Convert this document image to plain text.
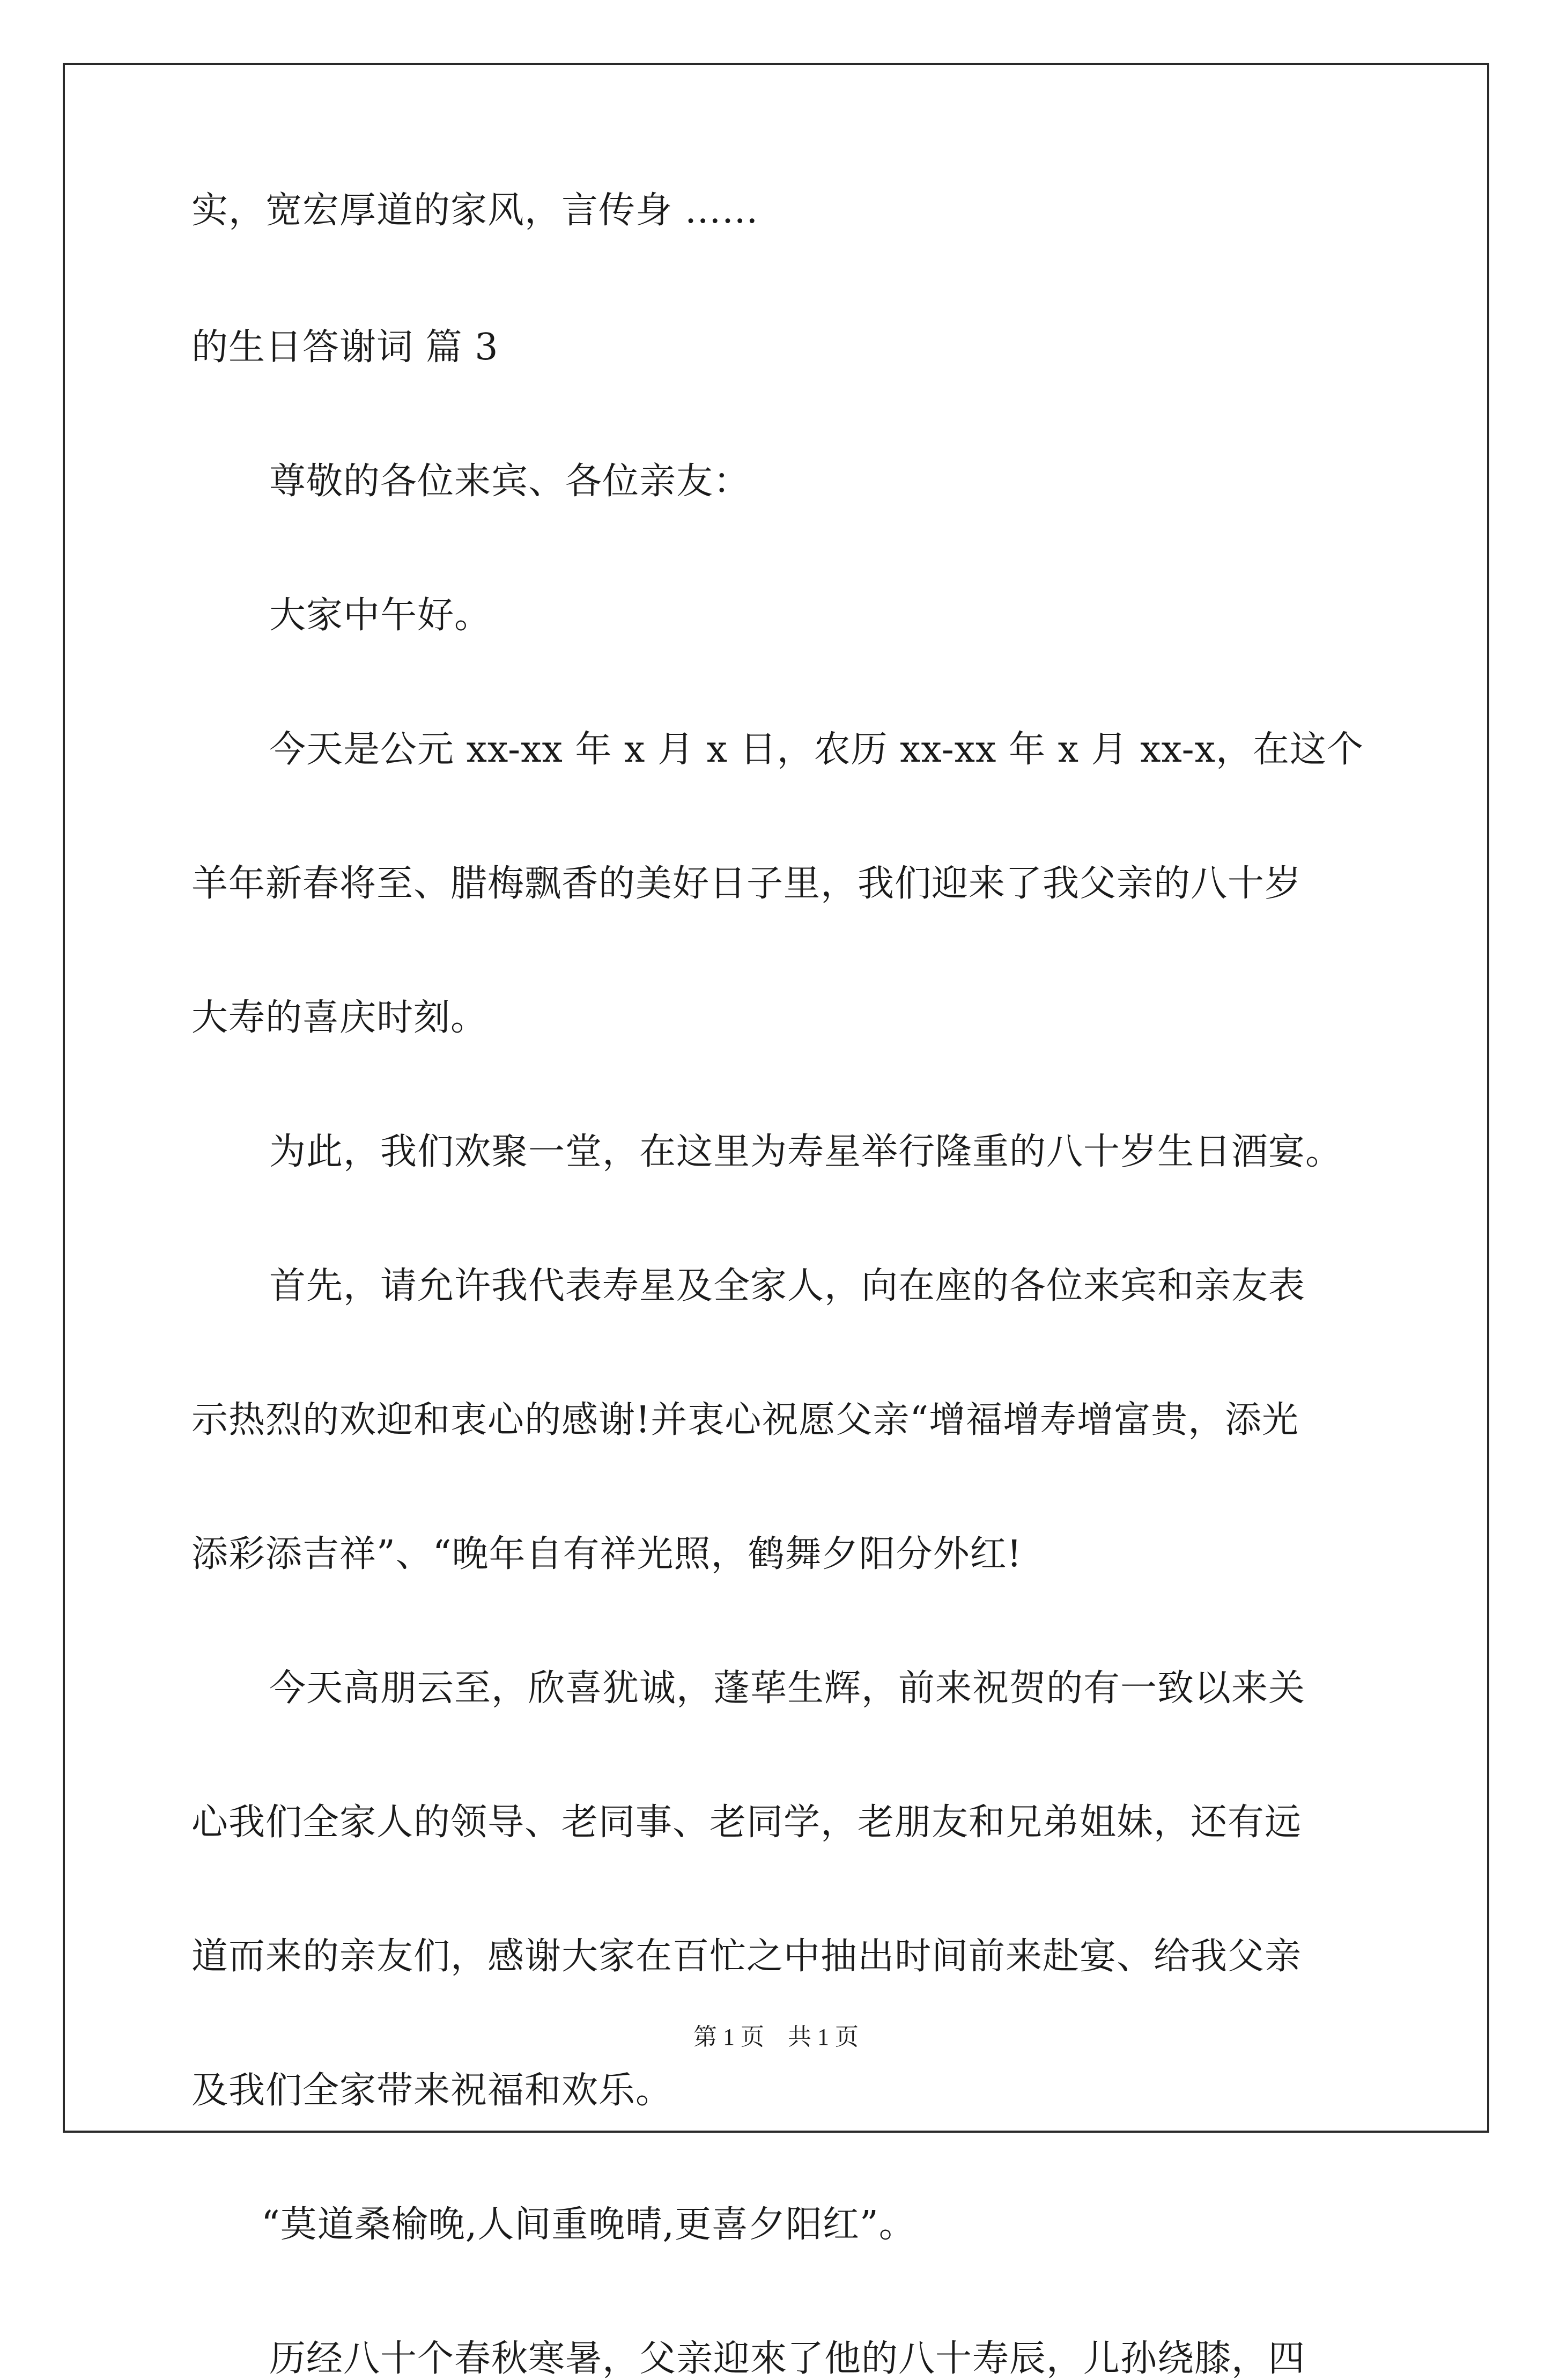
实，宽宏厚道的家风，言传身 ……
的生日答谢词 篇 3
尊敬的各位来宾、各位亲友：
大家中午好。
今天是公元 xx-xx 年 x 月 x 日，农历 xx-xx 年 x 月 xx-x，在这个
羊年新春将至、腊梅飘香的美好日子里，我们迎来了我父亲的八十岁
大寿的喜庆时刻。
为此，我们欢聚一堂，在这里为寿星举行隆重的八十岁生日酒宴。
首先，请允许我代表寿星及全家人，向在座的各位来宾和亲友表
示热烈的欢迎和衷心的感谢!并衷心祝愿父亲“增福增寿增富贵，添光
添彩添吉祥”、“晚年自有祥光照，鹤舞夕阳分外红!
今天高朋云至，欣喜犹诚，蓬荜生辉，前来祝贺的有一致以来关
心我们全家人的领导、老同事、老同学，老朋友和兄弟姐妹，还有远
道而来的亲友们，感谢大家在百忙之中抽出时间前来赴宴、给我父亲
及我们全家带来祝福和欢乐。
“莫道桑榆晚,人间重晚晴,更喜夕阳红”。
历经八十个春秋寒暑，父亲迎來了他的八十寿辰，儿孙绕膝，四
第 1 页　共 1 页
